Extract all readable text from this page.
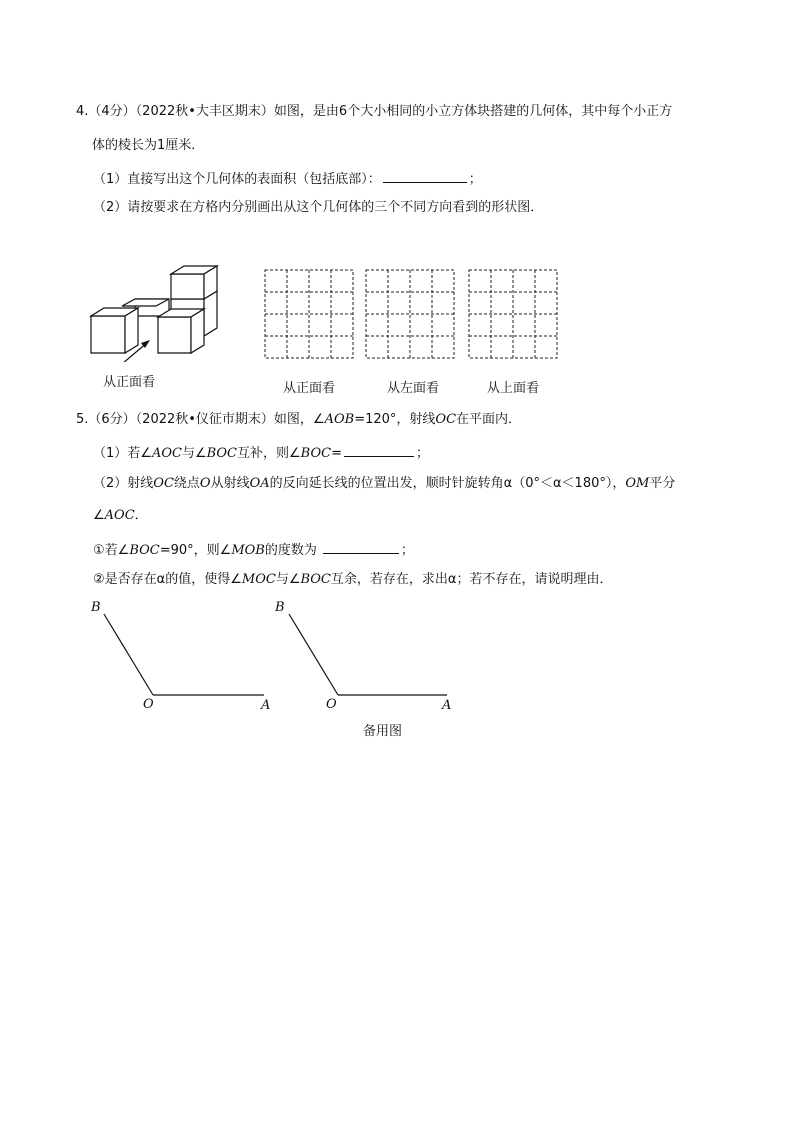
4.（4分）（2022秋•大丰区期末）如图，是由6个大小相同的小立方体块搭建的几何体，其中每个小正方
体的棱长为1厘米．
（1）直接写出这个几何体的表面积（包括底部）：	；
（2）请按要求在方格内分别画出从这个几何体的三个不同方向看到的形状图．
从正面看	从正面看	从左面看	从上面看
5.（6分）（2022秋•仪征市期末）如图，∠AOB=120°，射线OC在平面内．
（1）若∠AOC与∠BOC互补，则∠BOC=	；
（2）射线OC绕点O从射线OA的反向延长线的位置出发，顺时针旋转角α（0°＜α＜180°），OM平分
∠AOC．
①若∠BOC=90°，则∠MOB的度数为	；
②是否存在α的值，使得∠MOC与∠BOC互余，若存在，求出α；若不存在，请说明理由．
B
O	A
B
O	A
备用图
